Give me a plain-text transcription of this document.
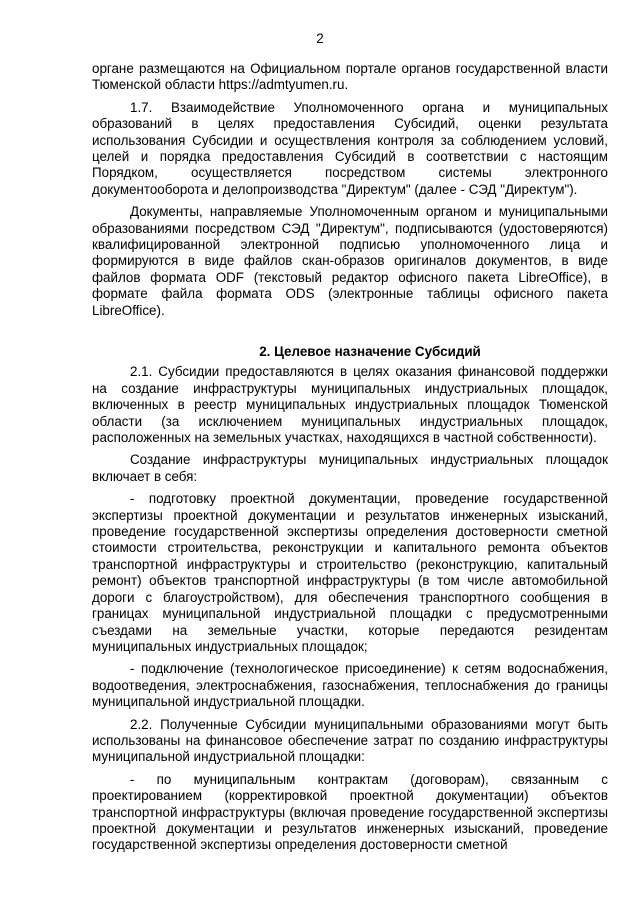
2

органе размещаются на Официальном портале органов государственной власти Тюменской области https://admtyumen.ru.

1.7. Взаимодействие Уполномоченного органа и муниципальных образований в целях предоставления Субсидий, оценки результата использования Субсидии и осуществления контроля за соблюдением условий, целей и порядка предоставления Субсидий в соответствии с настоящим Порядком, осуществляется посредством системы электронного документооборота и делопроизводства "Директум" (далее - СЭД "Директум").

Документы, направляемые Уполномоченным органом и муниципальными образованиями посредством СЭД "Директум", подписываются (удостоверяются) квалифицированной электронной подписью уполномоченного лица и формируются в виде файлов скан-образов оригиналов документов, в виде файлов формата ODF (текстовый редактор офисного пакета LibreOffice), в формате файла формата ODS (электронные таблицы офисного пакета LibreOffice).

2. Целевое назначение Субсидий

2.1. Субсидии предоставляются в целях оказания финансовой поддержки на создание инфраструктуры муниципальных индустриальных площадок, включенных в реестр муниципальных индустриальных площадок Тюменской области (за исключением муниципальных индустриальных площадок, расположенных на земельных участках, находящихся в частной собственности).

Создание инфраструктуры муниципальных индустриальных площадок включает в себя:

- подготовку проектной документации, проведение государственной экспертизы проектной документации и результатов инженерных изысканий, проведение государственной экспертизы определения достоверности сметной стоимости строительства, реконструкции и капитального ремонта объектов транспортной инфраструктуры и строительство (реконструкцию, капитальный ремонт) объектов транспортной инфраструктуры (в том числе автомобильной дороги с благоустройством), для обеспечения транспортного сообщения в границах муниципальной индустриальной площадки с предусмотренными съездами на земельные участки, которые передаются резидентам муниципальных индустриальных площадок;

- подключение (технологическое присоединение) к сетям водоснабжения, водоотведения, электроснабжения, газоснабжения, теплоснабжения до границы муниципальной индустриальной площадки.

2.2. Полученные Субсидии муниципальными образованиями могут быть использованы на финансовое обеспечение затрат по созданию инфраструктуры муниципальной индустриальной площадки:

- по муниципальным контрактам (договорам), связанным с проектированием (корректировкой проектной документации) объектов транспортной инфраструктуры (включая проведение государственной экспертизы проектной документации и результатов инженерных изысканий, проведение государственной экспертизы определения достоверности сметной
